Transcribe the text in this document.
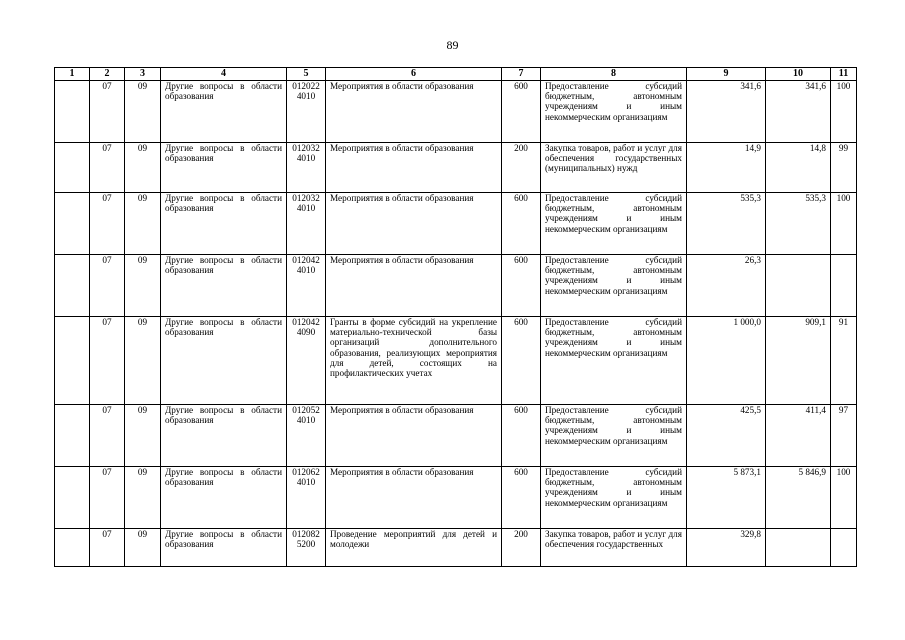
89
1	2	3	4	5	6	7	8	9	10	11
	07	09	Другие вопросы в области образования	012022 4010	Мероприятия в области образования	600	Предоставление субсидий бюджетным, автономным учреждениям и иным некоммерческим организациям	341,6	341,6	100
	07	09	Другие вопросы в области образования	012032 4010	Мероприятия в области образования	200	Закупка товаров, работ и услуг для обеспечения государственных (муниципальных) нужд	14,9	14,8	99
	07	09	Другие вопросы в области образования	012032 4010	Мероприятия в области образования	600	Предоставление субсидий бюджетным, автономным учреждениям и иным некоммерческим организациям	535,3	535,3	100
	07	09	Другие вопросы в области образования	012042 4010	Мероприятия в области образования	600	Предоставление субсидий бюджетным, автономным учреждениям и иным некоммерческим организациям	26,3		
	07	09	Другие вопросы в области образования	012042 4090	Гранты в форме субсидий на укрепление материально-технической базы организаций дополнительного образования, реализующих мероприятия для детей, состоящих на профилактических учетах	600	Предоставление субсидий бюджетным, автономным учреждениям и иным некоммерческим организациям	1 000,0	909,1	91
	07	09	Другие вопросы в области образования	012052 4010	Мероприятия в области образования	600	Предоставление субсидий бюджетным, автономным учреждениям и иным некоммерческим организациям	425,5	411,4	97
	07	09	Другие вопросы в области образования	012062 4010	Мероприятия в области образования	600	Предоставление субсидий бюджетным, автономным учреждениям и иным некоммерческим организациям	5 873,1	5 846,9	100
	07	09	Другие вопросы в области образования	012082 5200	Проведение мероприятий для детей и молодежи	200	Закупка товаров, работ и услуг для обеспечения государственных	329,8		
